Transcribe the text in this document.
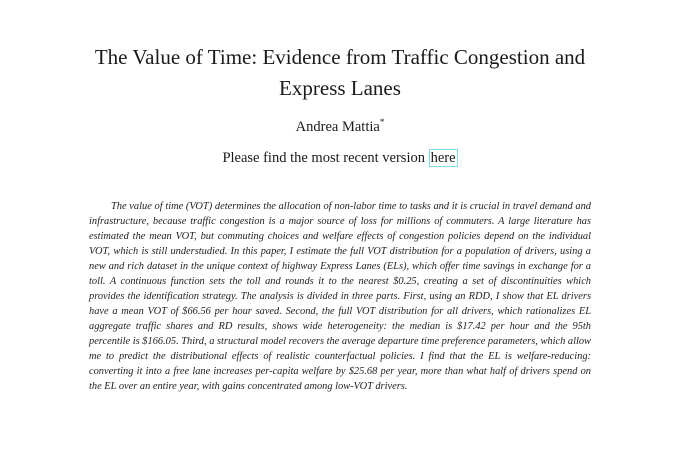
The Value of Time: Evidence from Traffic Congestion and Express Lanes
Andrea Mattia*
Please find the most recent version here

The value of time (VOT) determines the allocation of non-labor time to tasks and it is crucial in travel demand and infrastructure, because traffic congestion is a major source of loss for millions of commuters. A large literature has estimated the mean VOT, but commuting choices and welfare effects of congestion policies depend on the individual VOT, which is still understudied. In this paper, I estimate the full VOT distribution for a population of drivers, using a new and rich dataset in the unique context of highway Express Lanes (ELs), which offer time savings in exchange for a toll. A continuous function sets the toll and rounds it to the nearest $0.25, creating a set of discontinuities which provides the identification strategy. The analysis is divided in three parts. First, using an RDD, I show that EL drivers have a mean VOT of $66.56 per hour saved. Second, the full VOT distribution for all drivers, which rationalizes EL aggregate traffic shares and RD results, shows wide heterogeneity: the median is $17.42 per hour and the 95th percentile is $166.05. Third, a structural model recovers the average departure time preference parameters, which allow me to predict the distributional effects of realistic counterfactual policies. I find that the EL is welfare-reducing: converting it into a free lane increases per-capita welfare by $25.68 per year, more than what half of drivers spend on the EL over an entire year, with gains concentrated among low-VOT drivers.
